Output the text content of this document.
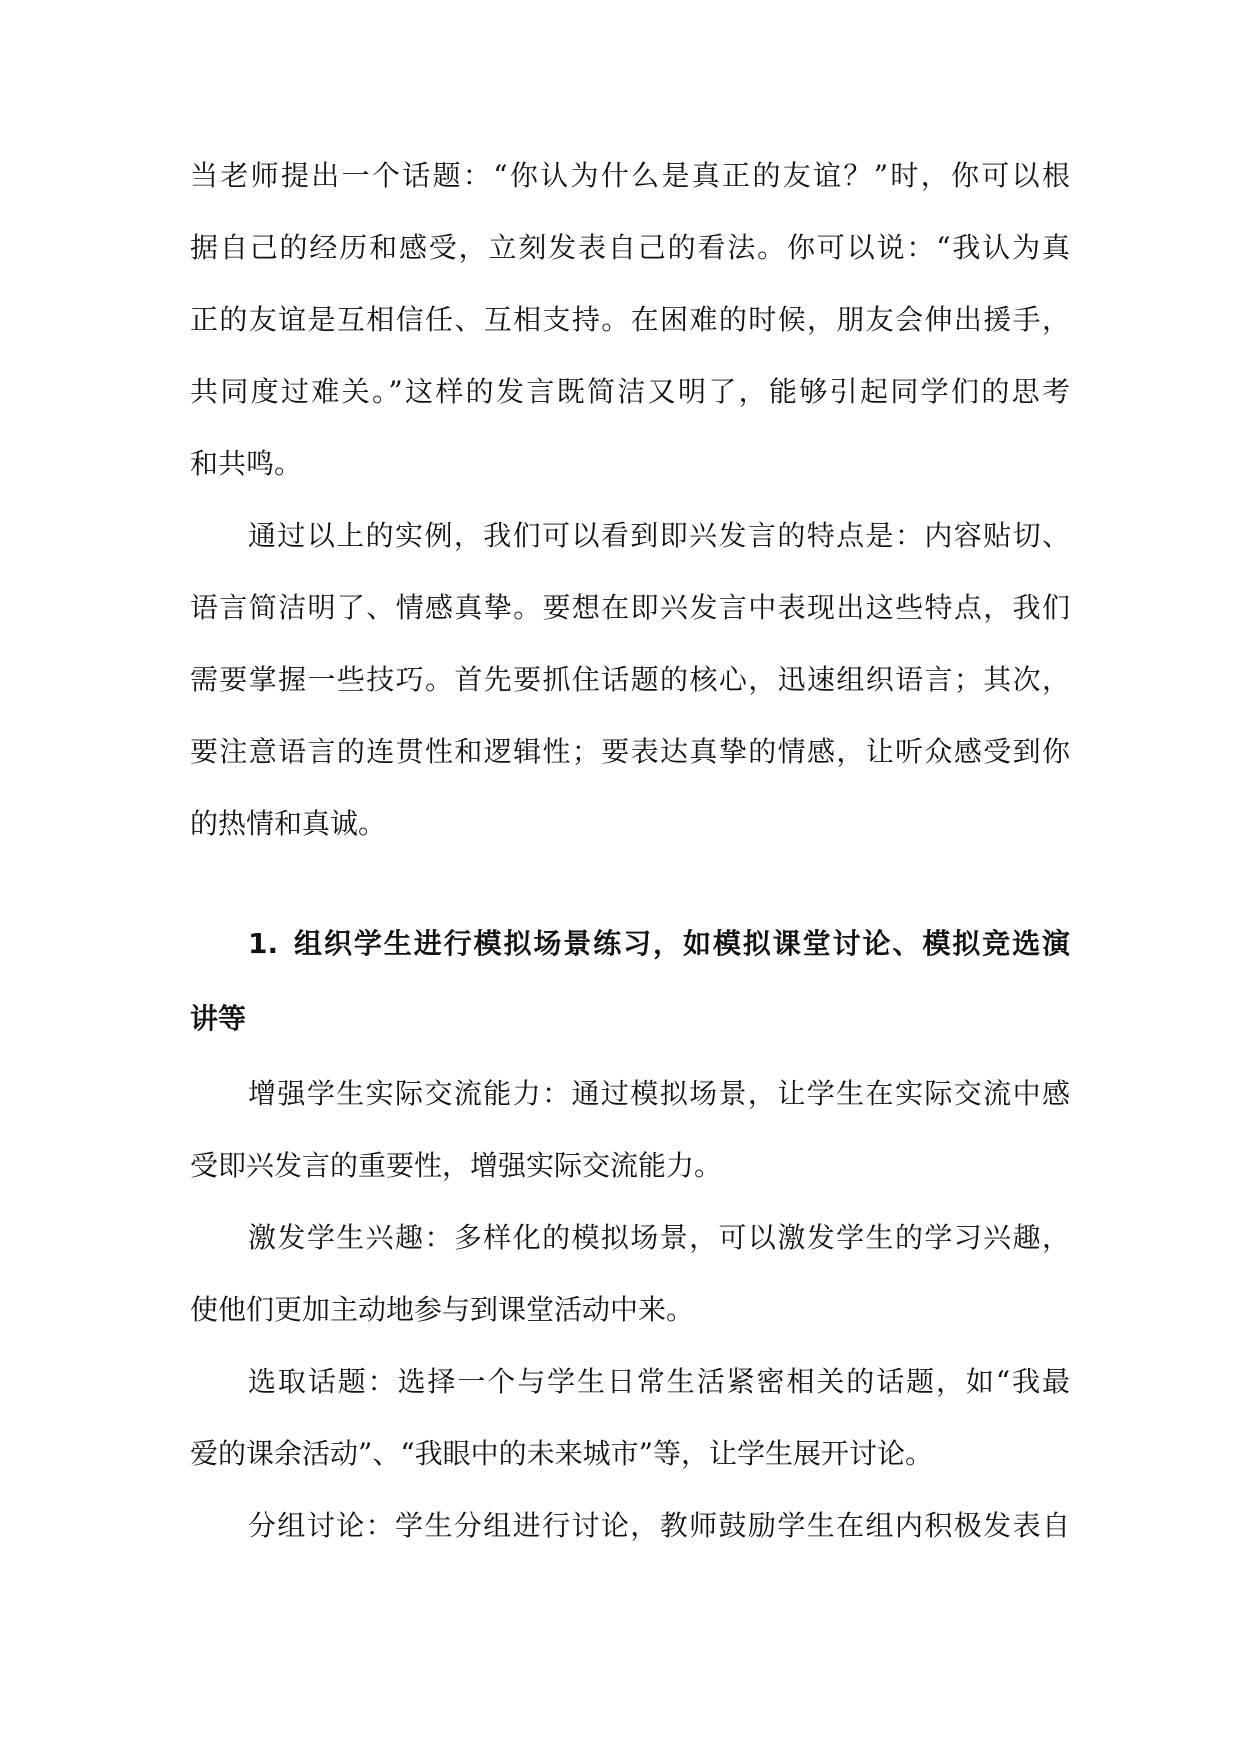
当老师提出一个话题：“你认为什么是真正的友谊？”时，你可以根
据自己的经历和感受，立刻发表自己的看法。你可以说：“我认为真
正的友谊是互相信任、互相支持。在困难的时候，朋友会伸出援手，
共同度过难关。”这样的发言既简洁又明了，能够引起同学们的思考
和共鸣。
通过以上的实例，我们可以看到即兴发言的特点是：内容贴切、
语言简洁明了、情感真挚。要想在即兴发言中表现出这些特点，我们
需要掌握一些技巧。首先要抓住话题的核心，迅速组织语言；其次，
要注意语言的连贯性和逻辑性；要表达真挚的情感，让听众感受到你
的热情和真诚。
1. 组织学生进行模拟场景练习，如模拟课堂讨论、模拟竞选演
讲等
增强学生实际交流能力：通过模拟场景，让学生在实际交流中感
受即兴发言的重要性，增强实际交流能力。
激发学生兴趣：多样化的模拟场景，可以激发学生的学习兴趣，
使他们更加主动地参与到课堂活动中来。
选取话题：选择一个与学生日常生活紧密相关的话题，如“我最
爱的课余活动”、“我眼中的未来城市”等，让学生展开讨论。
分组讨论：学生分组进行讨论，教师鼓励学生在组内积极发表自
